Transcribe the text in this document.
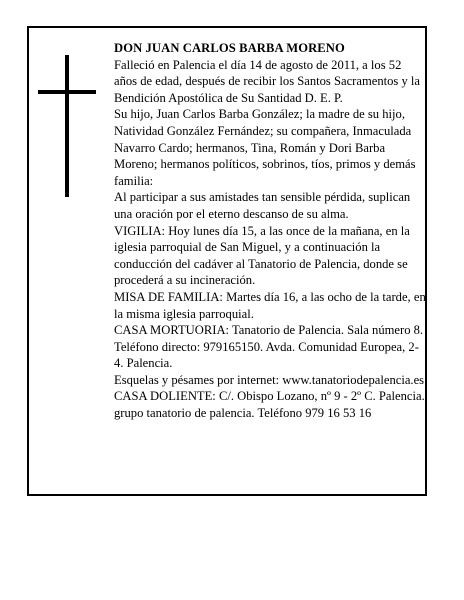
DON JUAN CARLOS BARBA MORENO

Falleció en Palencia el día 14 de agosto de 2011, a los 52 años de edad, después de recibir los Santos Sacramentos y la Bendición Apostólica de Su Santidad D. E. P.

Su hijo, Juan Carlos Barba González; la madre de su hijo, Natividad González Fernández; su compañera, Inmaculada Navarro Cardo; hermanos, Tina, Román y Dori Barba Moreno; hermanos políticos, sobrinos, tíos, primos y demás familia:

Al participar a sus amistades tan sensible pérdida, suplican una oración por el eterno descanso de su alma.

VIGILIA: Hoy lunes día 15, a las once de la mañana, en la iglesia parroquial de San Miguel, y a continuación la conducción del cadáver al Tanatorio de Palencia, donde se procederá a su incineración.

MISA DE FAMILIA: Martes día 16, a las ocho de la tarde, en la misma iglesia parroquial.

CASA MORTUORIA: Tanatorio de Palencia. Sala número 8. Teléfono directo: 979165150. Avda. Comunidad Europea, 2-4. Palencia.

Esquelas y pésames por internet: www.tanatoriodepalencia.es

CASA DOLIENTE: C/. Obispo Lozano, nº 9 - 2º C. Palencia.

grupo tanatorio de palencia. Teléfono 979 16 53 16
